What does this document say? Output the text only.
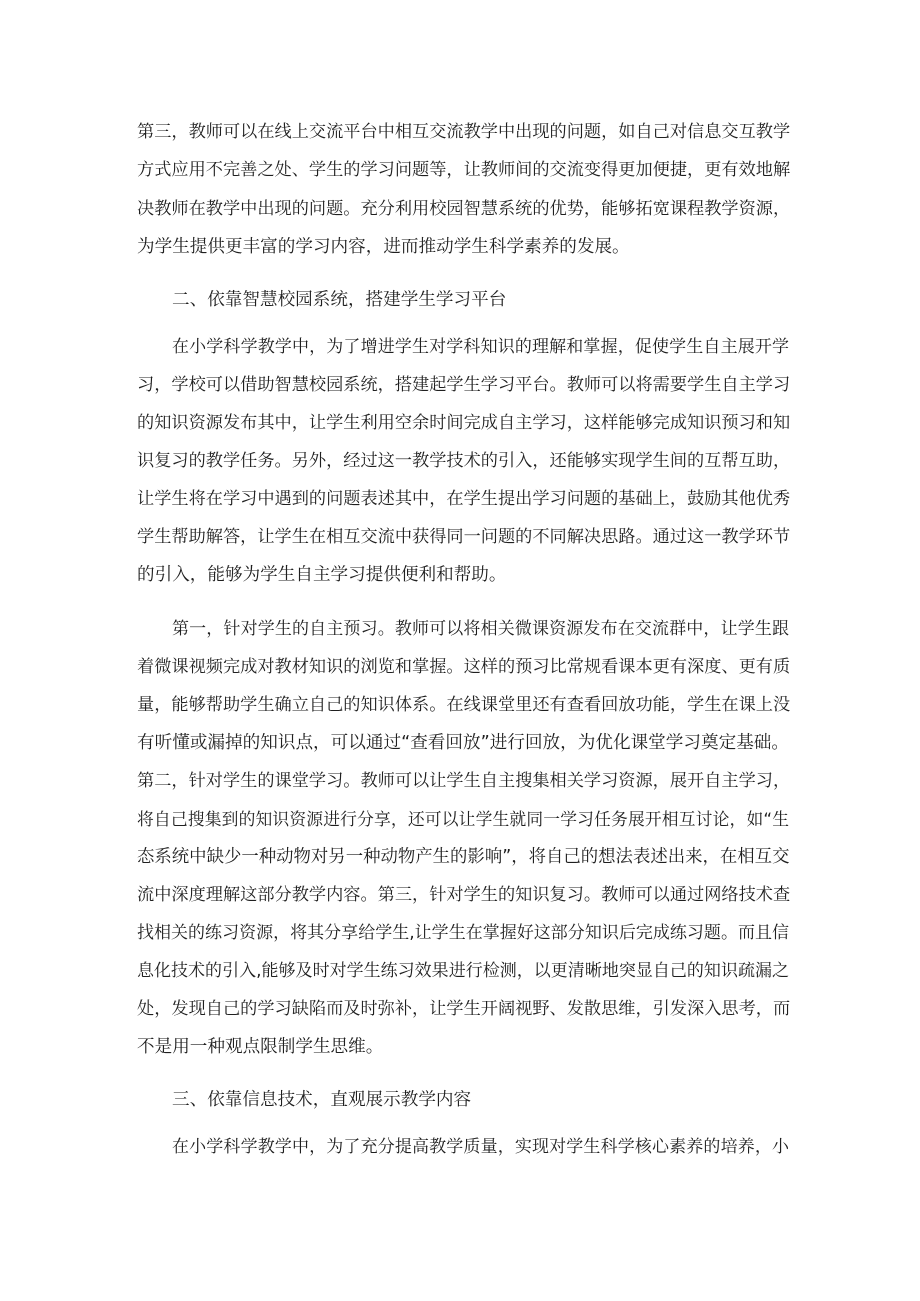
第三，教师可以在线上交流平台中相互交流教学中出现的问题，如自己对信息交互教学
方式应用不完善之处、学生的学习问题等，让教师间的交流变得更加便捷，更有效地解
决教师在教学中出现的问题。充分利用校园智慧系统的优势，能够拓宽课程教学资源，
为学生提供更丰富的学习内容，进而推动学生科学素养的发展。
二、依靠智慧校园系统，搭建学生学习平台
在小学科学教学中，为了增进学生对学科知识的理解和掌握，促使学生自主展开学
习，学校可以借助智慧校园系统，搭建起学生学习平台。教师可以将需要学生自主学习
的知识资源发布其中，让学生利用空余时间完成自主学习，这样能够完成知识预习和知
识复习的教学任务。另外，经过这一教学技术的引入，还能够实现学生间的互帮互助，
让学生将在学习中遇到的问题表述其中，在学生提出学习问题的基础上，鼓励其他优秀
学生帮助解答，让学生在相互交流中获得同一问题的不同解决思路。通过这一教学环节
的引入，能够为学生自主学习提供便利和帮助。
第一，针对学生的自主预习。教师可以将相关微课资源发布在交流群中，让学生跟
着微课视频完成对教材知识的浏览和掌握。这样的预习比常规看课本更有深度、更有质
量，能够帮助学生确立自己的知识体系。在线课堂里还有查看回放功能，学生在课上没
有听懂或漏掉的知识点，可以通过“查看回放”进行回放，为优化课堂学习奠定基础。
第二，针对学生的课堂学习。教师可以让学生自主搜集相关学习资源，展开自主学习，
将自己搜集到的知识资源进行分享，还可以让学生就同一学习任务展开相互讨论，如“生
态系统中缺少一种动物对另一种动物产生的影响”，将自己的想法表述出来，在相互交
流中深度理解这部分教学内容。第三，针对学生的知识复习。教师可以通过网络技术查
找相关的练习资源，将其分享给学生,让学生在掌握好这部分知识后完成练习题。而且信
息化技术的引入,能够及时对学生练习效果进行检测，以更清晰地突显自己的知识疏漏之
处，发现自己的学习缺陷而及时弥补，让学生开阔视野、发散思维，引发深入思考，而
不是用一种观点限制学生思维。
三、依靠信息技术，直观展示教学内容
在小学科学教学中，为了充分提高教学质量，实现对学生科学核心素养的培养，小
